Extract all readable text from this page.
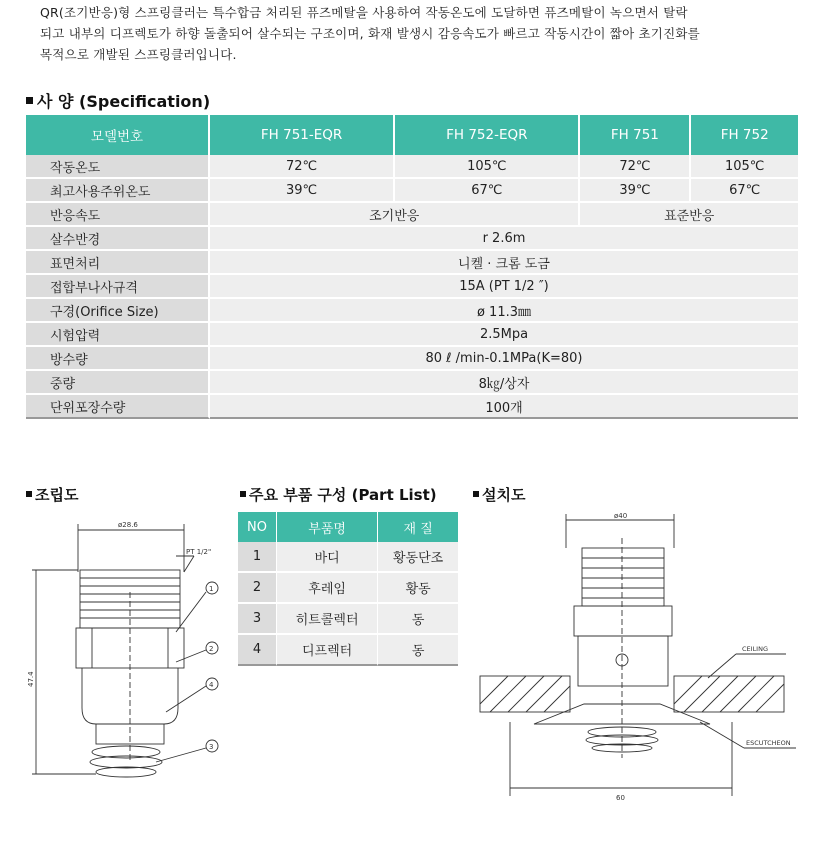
QR(조기반응)형 스프링클러는 특수합금 처리된 퓨즈메탈을 사용하여 작동온도에 도달하면 퓨즈메탈이 녹으면서 탈락

되고 내부의 디프렉토가 하향 돌출되어 살수되는 구조이며, 화재 발생시 감응속도가 빠르고 작동시간이 짧아 초기진화를

목적으로 개발된 스프링클러입니다.

사 양 (Specification)
모델번호	FH 751-EQR	FH 752-EQR	FH 751	FH 752
작동온도	72℃	105℃	72℃	105℃
최고사용주위온도	39℃	67℃	39℃	67℃
반응속도	조기반응		표준반응	
살수반경	r 2.6m			
표면처리	니켈 · 크롬 도금			
접합부나사규격	15A (PT 1/2 ″)			
구경(Orifice Size)	ø 11.3㎜			
시험압력	2.5Mpa			
방수량	80 ℓ /min-0.1MPa(K=80)			
중량	8㎏/상자			
단위포장수량	100개			
조립도	주요 부품 구성 (Part List)	설치도
ø28.6
47.4
PT 1/2"
1
2
4
3
NO	부품명	재 질
1	바디	황동단조
2	후레임	황동
3	히트콜렉터	동
4	디프렉터	동
ø40
CEILING
ESCUTCHEON
60
